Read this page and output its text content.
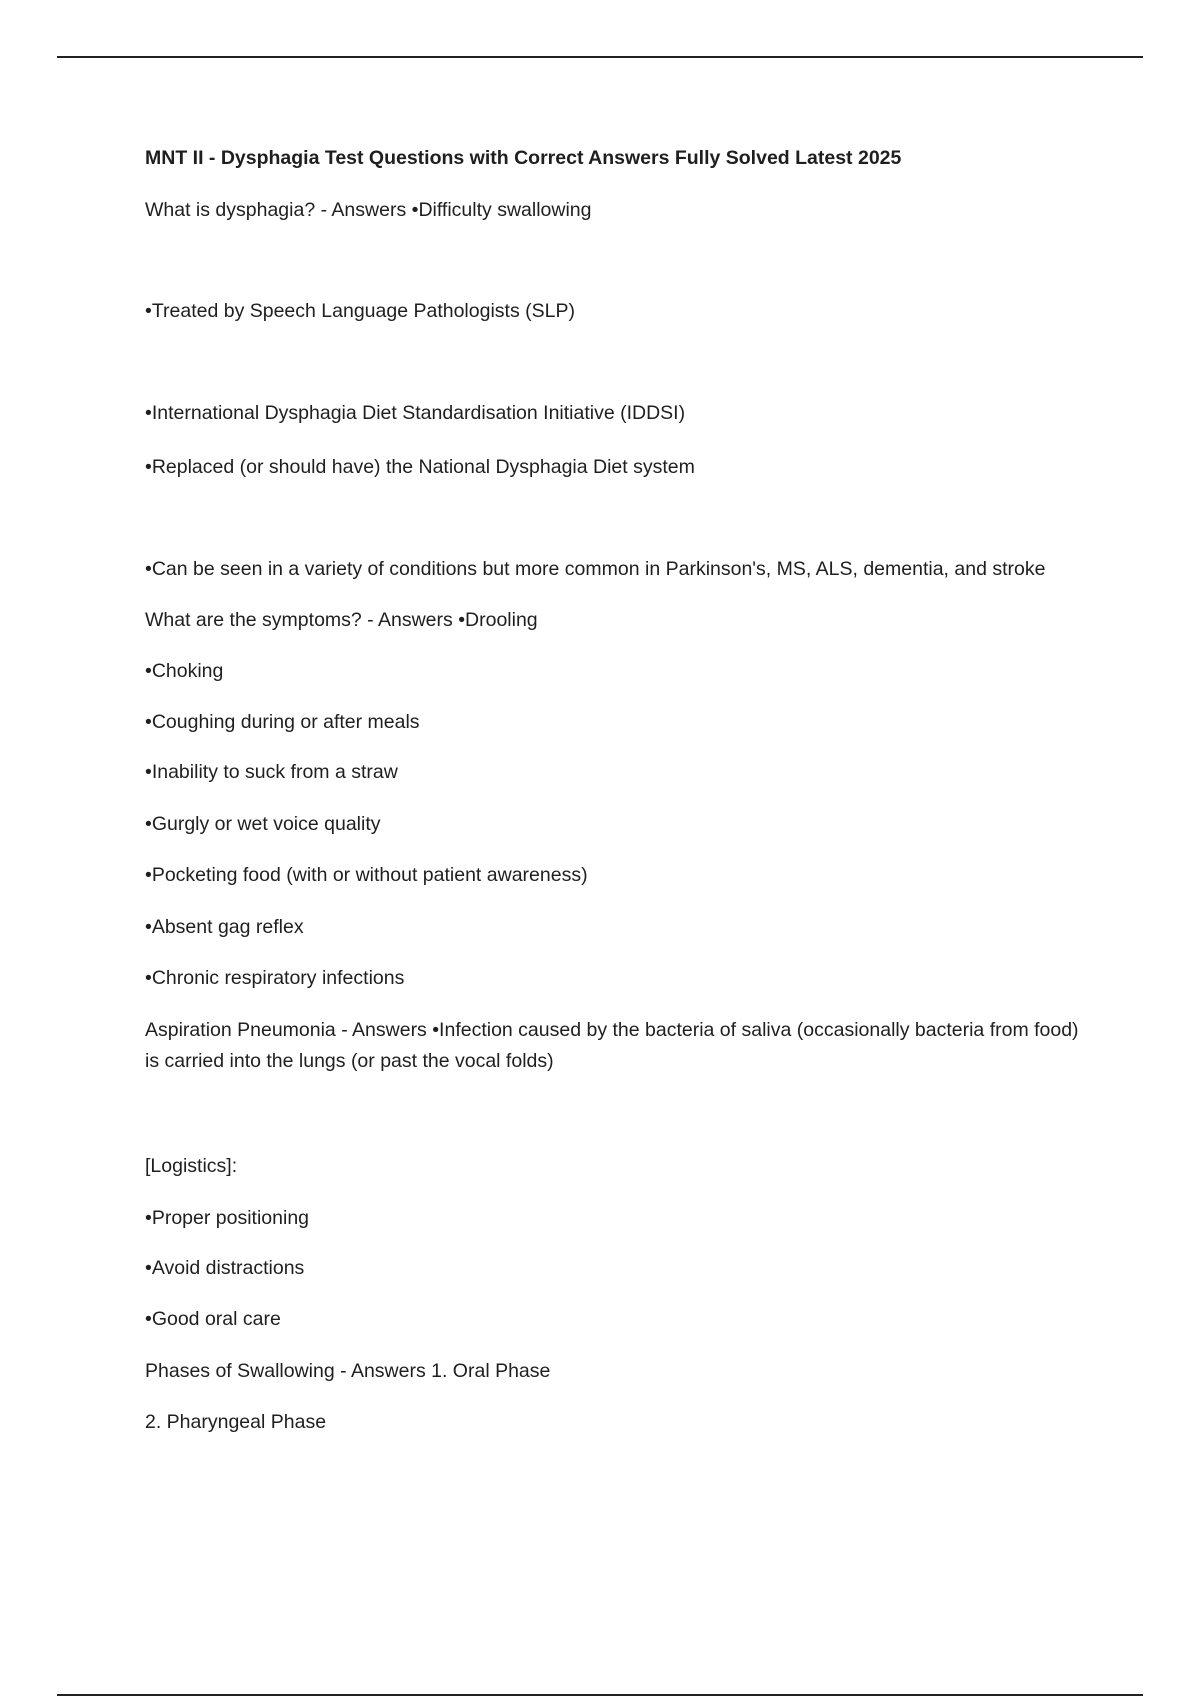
MNT II - Dysphagia Test Questions with Correct Answers Fully Solved Latest 2025
What is dysphagia? - Answers •Difficulty swallowing
•Treated by Speech Language Pathologists (SLP)
•International Dysphagia Diet Standardisation Initiative (IDDSI)
•Replaced (or should have) the National Dysphagia Diet system
•Can be seen in a variety of conditions but more common in Parkinson's, MS, ALS, dementia, and stroke
What are the symptoms? - Answers •Drooling
•Choking
•Coughing during or after meals
•Inability to suck from a straw
•Gurgly or wet voice quality
•Pocketing food (with or without patient awareness)
•Absent gag reflex
•Chronic respiratory infections
Aspiration Pneumonia - Answers •Infection caused by the bacteria of saliva (occasionally bacteria from food) is carried into the lungs (or past the vocal folds)
[Logistics]:
•Proper positioning
•Avoid distractions
•Good oral care
Phases of Swallowing - Answers 1. Oral Phase
2. Pharyngeal Phase
